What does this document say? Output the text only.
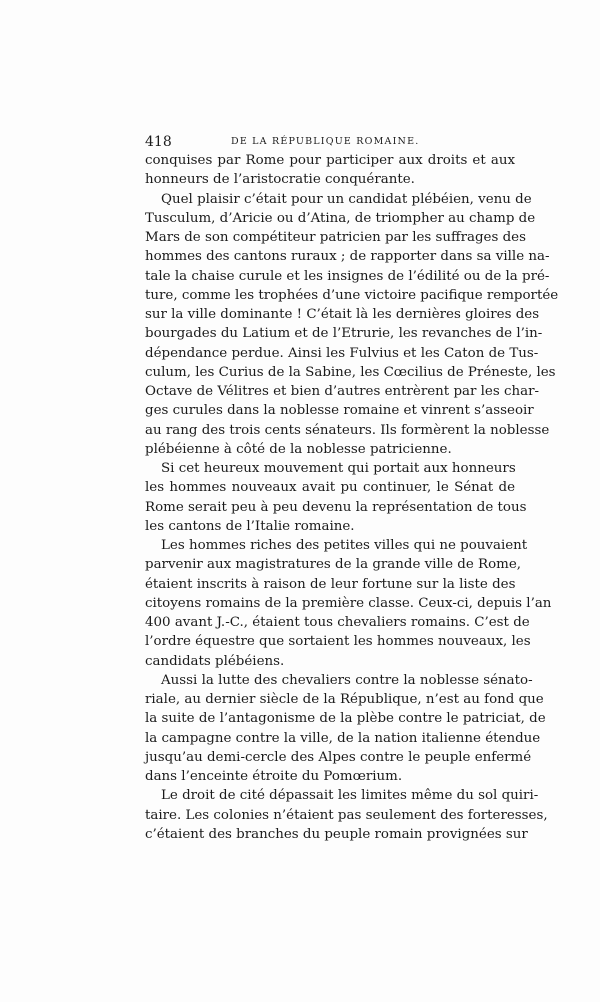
418	DE LA RÉPUBLIQUE ROMAINE.
conquises par Rome pour participer aux droits et aux
honneurs de l’aristocratie conquérante.
Quel plaisir c’était pour un candidat plébéien, venu de
Tusculum, d’Aricie ou d’Atina, de triompher au champ de
Mars de son compétiteur patricien par les suffrages des
hommes des cantons ruraux ; de rapporter dans sa ville na-
tale la chaise curule et les insignes de l’édilité ou de la pré-
ture, comme les trophées d’une victoire pacifique remportée
sur la ville dominante ! C’était là les dernières gloires des
bourgades du Latium et de l’Etrurie, les revanches de l’in-
dépendance perdue. Ainsi les Fulvius et les Caton de Tus-
culum, les Curius de la Sabine, les Cœcilius de Préneste, les
Octave de Vélitres et bien d’autres entrèrent par les char-
ges curules dans la noblesse romaine et vinrent s’asseoir
au rang des trois cents sénateurs. Ils formèrent la noblesse
plébéienne à côté de la noblesse patricienne.
Si cet heureux mouvement qui portait aux honneurs
les hommes nouveaux avait pu continuer, le Sénat de
Rome serait peu à peu devenu la représentation de tous
les cantons de l’Italie romaine.
Les hommes riches des petites villes qui ne pouvaient
parvenir aux magistratures de la grande ville de Rome,
étaient inscrits à raison de leur fortune sur la liste des
citoyens romains de la première classe. Ceux-ci, depuis l’an
400 avant J.-C., étaient tous chevaliers romains. C’est de
l’ordre équestre que sortaient les hommes nouveaux, les
candidats plébéiens.
Aussi la lutte des chevaliers contre la noblesse sénato-
riale, au dernier siècle de la République, n’est au fond que
la suite de l’antagonisme de la plèbe contre le patriciat, de
la campagne contre la ville, de la nation italienne étendue
jusqu’au demi-cercle des Alpes contre le peuple enfermé
dans l’enceinte étroite du Pomœrium.
Le droit de cité dépassait les limites même du sol quiri-
taire. Les colonies n’étaient pas seulement des forteresses,
c’étaient des branches du peuple romain provignées sur
